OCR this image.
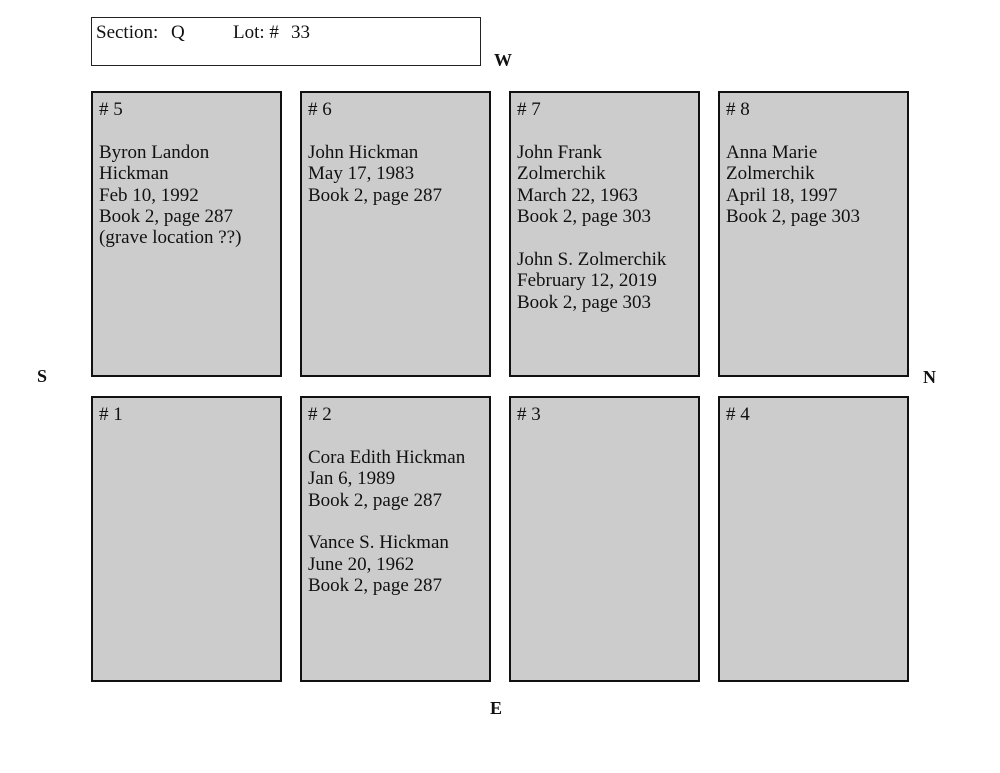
Section: Q	Lot: # 33
W
E
S	N
# 5
Byron Landon
Hickman
Feb 10, 1992
Book 2, page 287
(grave location ??)
# 6
John Hickman
May 17, 1983
Book 2, page 287
# 7
John Frank
Zolmerchik
March 22, 1963
Book 2, page 303
John S. Zolmerchik
February 12, 2019
Book 2, page 303
# 8
Anna Marie
Zolmerchik
April 18, 1997
Book 2, page 303
# 1	# 2
Cora Edith Hickman
Jan 6, 1989
Book 2, page 287
Vance S. Hickman
June 20, 1962
Book 2, page 287
# 3	# 4
